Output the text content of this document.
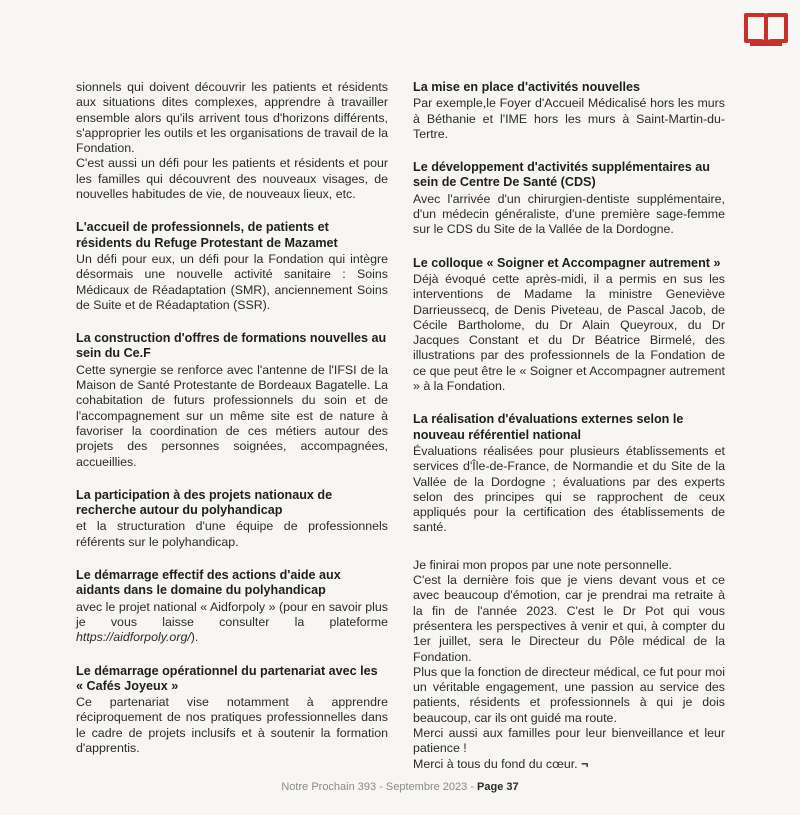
sionnels qui doivent découvrir les patients et résidents aux situations dites complexes, apprendre à travailler ensemble alors qu'ils arrivent tous d'horizons différents, s'approprier les outils et les organisations de travail de la Fondation.

C'est aussi un défi pour les patients et résidents et pour les familles qui découvrent des nouveaux visages, de nouvelles habitudes de vie, de nouveaux lieux, etc.

L'accueil de professionnels, de patients et résidents du Refuge Protestant de Mazamet

Un défi pour eux, un défi pour la Fondation qui intègre désormais une nouvelle activité sanitaire : Soins Médicaux de Réadaptation (SMR), anciennement Soins de Suite et de Réadaptation (SSR).

La construction d'offres de formations nouvelles au sein du Ce.F

Cette synergie se renforce avec l'antenne de l'IFSI de la Maison de Santé Protestante de Bordeaux Bagatelle. La cohabitation de futurs professionnels du soin et de l'accompagnement sur un même site est de nature à favoriser la coordination de ces métiers autour des projets des personnes soignées, accompagnées, accueillies.

La participation à des projets nationaux de recherche autour du polyhandicap

et la structuration d'une équipe de professionnels référents sur le polyhandicap.

Le démarrage effectif des actions d'aide aux aidants dans le domaine du polyhandicap

avec le projet national « Aidforpoly » (pour en savoir plus je vous laisse consulter la plateforme https://aidforpoly.org/).

Le démarrage opérationnel du partenariat avec les « Cafés Joyeux »

Ce partenariat vise notamment à apprendre réciproquement de nos pratiques professionnelles dans le cadre de projets inclusifs et à soutenir la formation d'apprentis.

La mise en place d'activités nouvelles

Par exemple,le Foyer d'Accueil Médicalisé hors les murs à Béthanie et l'IME hors les murs à Saint-Martin-du-Tertre.

Le développement d'activités supplémentaires au sein de Centre De Santé (CDS)

Avec l'arrivée d'un chirurgien-dentiste supplémentaire, d'un médecin généraliste, d'une première sage-femme sur le CDS du Site de la Vallée de la Dordogne.

Le colloque « Soigner et Accompagner autrement »

Déjà évoqué cette après-midi, il a permis en sus les interventions de Madame la ministre Geneviève Darrieussecq, de Denis Piveteau, de Pascal Jacob, de Cécile Bartholome, du Dr Alain Queyroux, du Dr Jacques Constant et du Dr Béatrice Birmelé, des illustrations par des professionnels de la Fondation de ce que peut être le « Soigner et Accompagner autrement » à la Fondation.

La réalisation d'évaluations externes selon le nouveau référentiel national

Évaluations réalisées pour plusieurs établissements et services d'Île-de-France, de Normandie et du Site de la Vallée de la Dordogne ; évaluations par des experts selon des principes qui se rapprochent de ceux appliqués pour la certification des établissements de santé.

Je finirai mon propos par une note personnelle.

C'est la dernière fois que je viens devant vous et ce avec beaucoup d'émotion, car je prendrai ma retraite à la fin de l'année 2023. C'est le Dr Pot qui vous présentera les perspectives à venir et qui, à compter du 1er juillet, sera le Directeur du Pôle médical de la Fondation.

Plus que la fonction de directeur médical, ce fut pour moi un véritable engagement, une passion au service des patients, résidents et professionnels à qui je dois beaucoup, car ils ont guidé ma route.

Merci aussi aux familles pour leur bienveillance et leur patience !

Merci à tous du fond du cœur. ¬

Notre Prochain 393 - Septembre 2023 - Page 37
